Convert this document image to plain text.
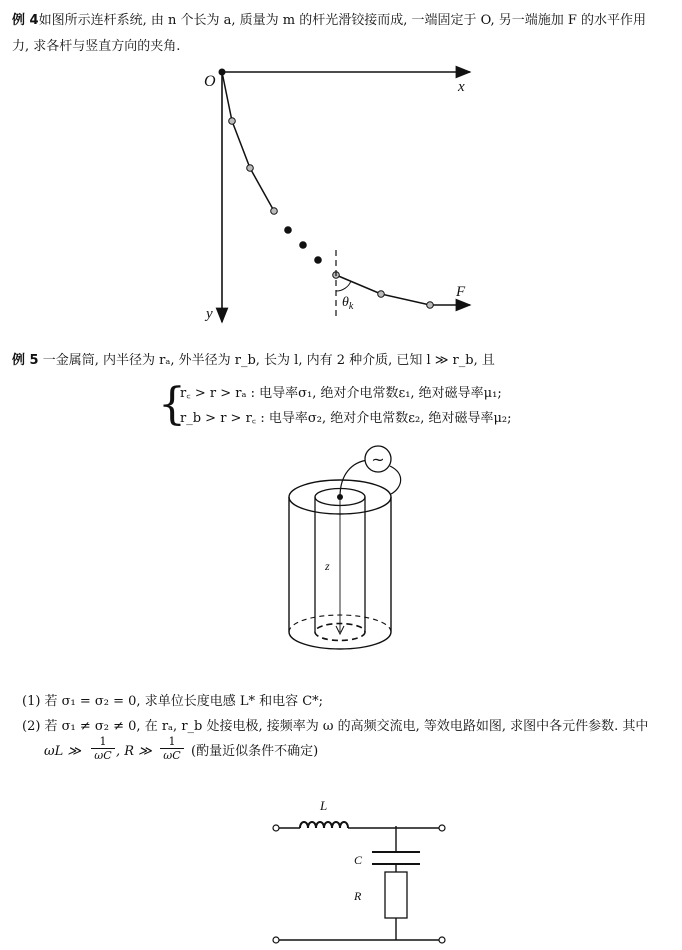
例 4如图所示连杆系统, 由 n 个长为 a, 质量为 m 的杆光滑铰接而成, 一端固定于 O, 另一端施加 F 的水平作用
力, 求各杆与竖直方向的夹角.
O	x
y
F
$\theta_k$
例 5 一金属筒, 内半径为 rₐ, 外半径为 r_b, 长为 l, 内有 2 种介质, 已知 l ≫ r_b, 且
{
r꜀ > r > rₐ : 电导率σ₁, 绝对介电常数ε₁, 绝对磁导率μ₁;
r_b > r > r꜀ : 电导率σ₂, 绝对介电常数ε₂, 绝对磁导率μ₂;
z
~
(1) 若 σ₁ = σ₂ = 0, 求单位长度电感 L* 和电容 C*;
(2) 若 σ₁ ≠ σ₂ ≠ 0, 在 rₐ, r_b 处接电极, 接频率为 ω 的高频交流电, 等效电路如图, 求图中各元件参数. 其中
ωL ≫ $\frac{1}{\omega C}$ , R ≫ $\frac{1}{\omega C}$ (酌量近似条件不确定)
L
C
R
